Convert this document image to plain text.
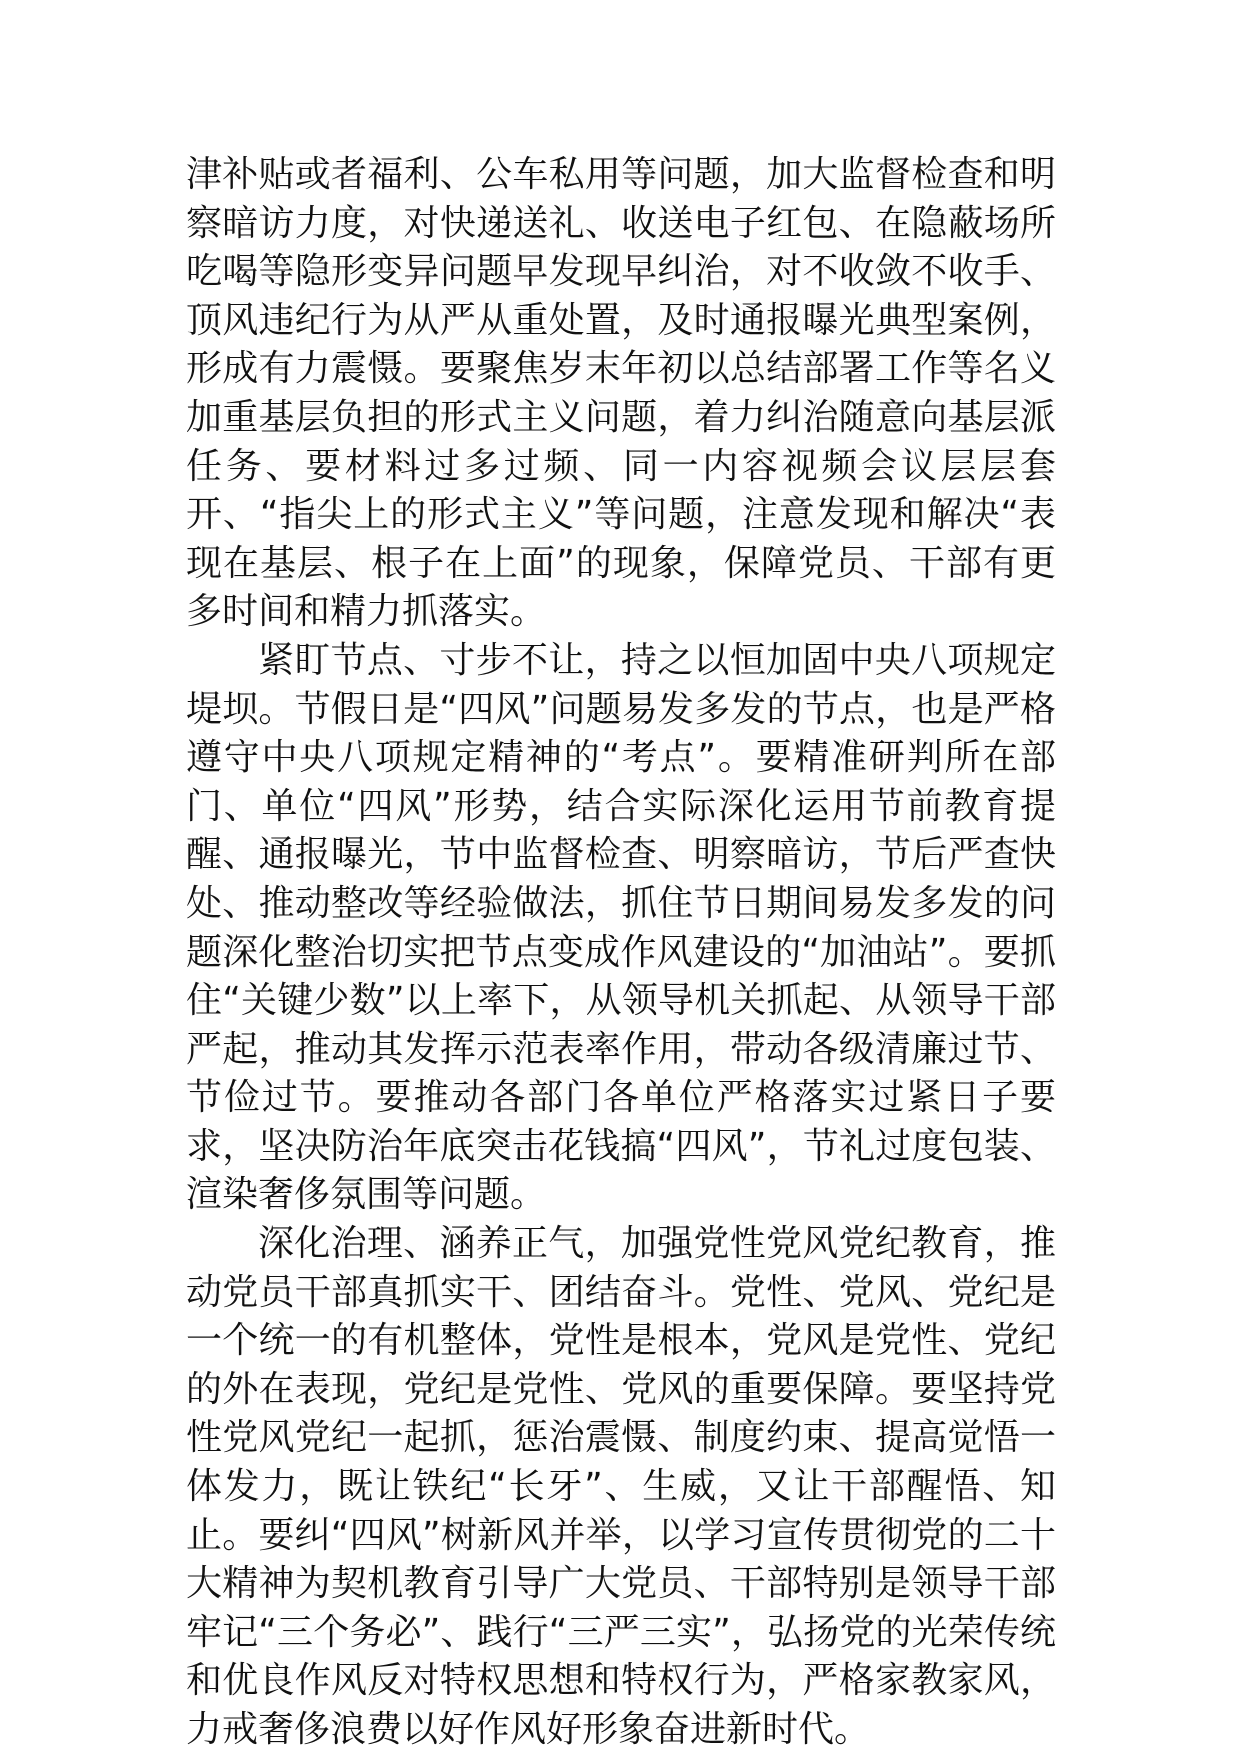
津补贴或者福利、公车私用等问题，加大监督检查和明察暗访力度，对快递送礼、收送电子红包、在隐蔽场所吃喝等隐形变异问题早发现早纠治，对不收敛不收手、顶风违纪行为从严从重处置，及时通报曝光典型案例，形成有力震慑。要聚焦岁末年初以总结部署工作等名义加重基层负担的形式主义问题，着力纠治随意向基层派任务、要材料过多过频、同一内容视频会议层层套开、“指尖上的形式主义”等问题，注意发现和解决“表现在基层、根子在上面”的现象，保障党员、干部有更多时间和精力抓落实。

紧盯节点、寸步不让，持之以恒加固中央八项规定堤坝。节假日是“四风”问题易发多发的节点，也是严格遵守中央八项规定精神的“考点”。要精准研判所在部门、单位“四风”形势，结合实际深化运用节前教育提醒、通报曝光，节中监督检查、明察暗访，节后严查快处、推动整改等经验做法，抓住节日期间易发多发的问题深化整治切实把节点变成作风建设的“加油站”。要抓住“关键少数”以上率下，从领导机关抓起、从领导干部严起，推动其发挥示范表率作用，带动各级清廉过节、节俭过节。要推动各部门各单位严格落实过紧日子要求，坚决防治年底突击花钱搞“四风”，节礼过度包装、渲染奢侈氛围等问题。

深化治理、涵养正气，加强党性党风党纪教育，推动党员干部真抓实干、团结奋斗。党性、党风、党纪是一个统一的有机整体，党性是根本，党风是党性、党纪的外在表现，党纪是党性、党风的重要保障。要坚持党性党风党纪一起抓，惩治震慑、制度约束、提高觉悟一体发力，既让铁纪“长牙”、生威，又让干部醒悟、知止。要纠“四风”树新风并举，以学习宣传贯彻党的二十大精神为契机教育引导广大党员、干部特别是领导干部牢记“三个务必”、践行“三严三实”，弘扬党的光荣传统和优良作风反对特权思想和特权行为，严格家教家风，力戒奢侈浪费以好作风好形象奋进新时代。
